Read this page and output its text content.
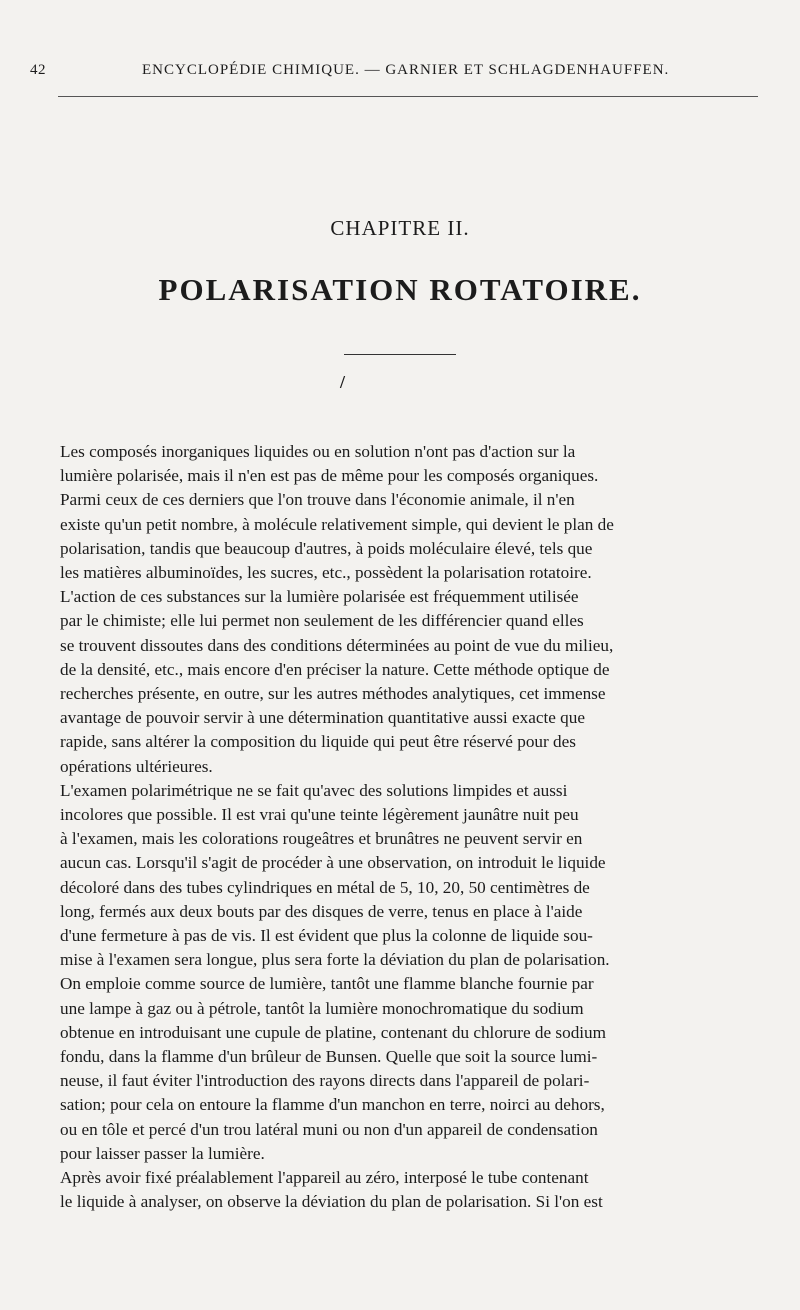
42	ENCYCLOPÉDIE CHIMIQUE. — GARNIER ET SCHLAGDENHAUFFEN.
CHAPITRE II.
POLARISATION ROTATOIRE.
/

Les composés inorganiques liquides ou en solution n'ont pas d'action sur la
lumière polarisée, mais il n'en est pas de même pour les composés organiques.
Parmi ceux de ces derniers que l'on trouve dans l'économie animale, il n'en
existe qu'un petit nombre, à molécule relativement simple, qui devient le plan de
polarisation, tandis que beaucoup d'autres, à poids moléculaire élevé, tels que
les matières albuminoïdes, les sucres, etc., possèdent la polarisation rotatoire.
L'action de ces substances sur la lumière polarisée est fréquemment utilisée
par le chimiste; elle lui permet non seulement de les différencier quand elles
se trouvent dissoutes dans des conditions déterminées au point de vue du milieu,
de la densité, etc., mais encore d'en préciser la nature. Cette méthode optique de
recherches présente, en outre, sur les autres méthodes analytiques, cet immense
avantage de pouvoir servir à une détermination quantitative aussi exacte que
rapide, sans altérer la composition du liquide qui peut être réservé pour des
opérations ultérieures.

L'examen polarimétrique ne se fait qu'avec des solutions limpides et aussi
incolores que possible. Il est vrai qu'une teinte légèrement jaunâtre nuit peu
à l'examen, mais les colorations rougeâtres et brunâtres ne peuvent servir en
aucun cas. Lorsqu'il s'agit de procéder à une observation, on introduit le liquide
décoloré dans des tubes cylindriques en métal de 5, 10, 20, 50 centimètres de
long, fermés aux deux bouts par des disques de verre, tenus en place à l'aide
d'une fermeture à pas de vis. Il est évident que plus la colonne de liquide sou-
mise à l'examen sera longue, plus sera forte la déviation du plan de polarisation.
On emploie comme source de lumière, tantôt une flamme blanche fournie par
une lampe à gaz ou à pétrole, tantôt la lumière monochromatique du sodium
obtenue en introduisant une cupule de platine, contenant du chlorure de sodium
fondu, dans la flamme d'un brûleur de Bunsen. Quelle que soit la source lumi-
neuse, il faut éviter l'introduction des rayons directs dans l'appareil de polari-
sation; pour cela on entoure la flamme d'un manchon en terre, noirci au dehors,
ou en tôle et percé d'un trou latéral muni ou non d'un appareil de condensation
pour laisser passer la lumière.

Après avoir fixé préalablement l'appareil au zéro, interposé le tube contenant
le liquide à analyser, on observe la déviation du plan de polarisation. Si l'on est
